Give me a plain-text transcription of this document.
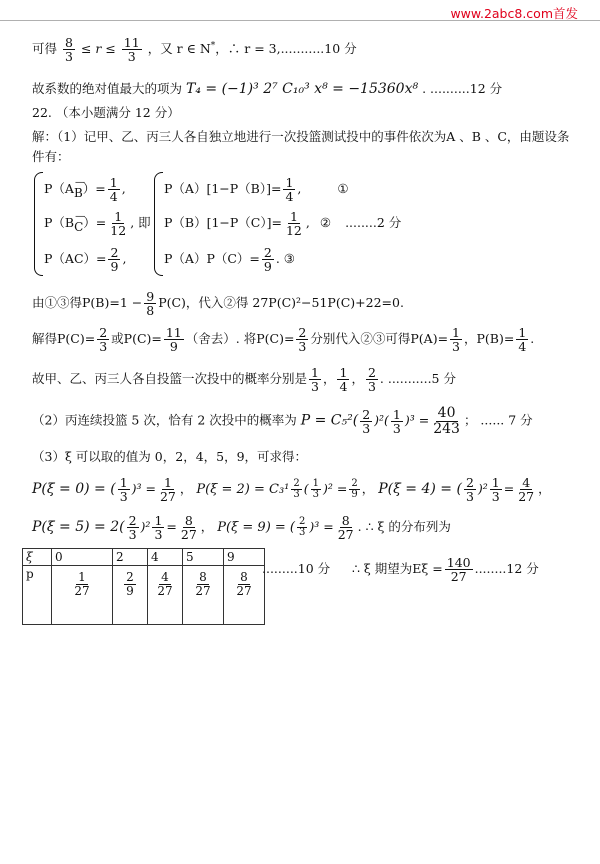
www.2abc8.com首发
可得 $\frac{8}{3} \le r \le \frac{11}{3}$ ，又 r ∈ N*，∴ r = 3,...........10 分
故系数的绝对值最大的项为 T₄ = (−1)³ 2⁷ C₁₀³ x⁸ = −15360x⁸ . ..........12 分
22. （本小题满分 12 分）
解：（1）记甲、乙、丙三人各自独立地进行一次投篮测试投中的事件依次为A 、B 、C，由题设条
件有：
P（A— $B)= \frac{1}{4}$ ,
P（B— $C)= \frac{1}{12}$ , 即
$P(AC)= \frac{2}{9}$ ,
$P(A)[1-P(B)]= \frac{1}{4}$ ,	①
$P(B)[1-P(C)]= \frac{1}{12}$ , ② ........2 分
$P(A)P(C)= \frac{2}{9}$ . ③
由①③得$P(B)=1 - \frac{9}{8} P(C)$，代入②得 27P(C)²−51P(C)+22=0.
解得$P(C)= \frac{2}{3}$ 或$P(C)= \frac{11}{9}$ （舍去）. 将$P(C)= \frac{2}{3}$ 分别代入②③可得$P(A)= \frac{1}{3}$ ，$P(B)= \frac{1}{4}$ .
故甲、乙、丙三人各自投篮一次投中的概率分别是 $\frac{1}{3}$ ， $\frac{1}{4}$ ， $\frac{2}{3}$ . ...........5 分
（2）丙连续投篮 5 次，恰有 2 次投中的概率为 $P = C_5^2( \frac{2}{3} )^2( \frac{1}{3} )^3 = \frac{40}{243}$ ； ...... 7 分
（3）ξ 可以取的值为 0，2，4，5，9，可求得：
P(ξ = 0) = ( $\frac{1}{3} )^3 = \frac{1}{27}$ ， $P(\xi = 2) = C_3^1 \frac{2}{3}$ ( $\frac{1}{3} )^2 = \frac{2}{9}$ ， P(ξ = 4) = ( $\frac{2}{3} )^2 \frac{1}{3} = \frac{4}{27}$ ，
$P(\xi = 5) = 2( \frac{2}{3} )^2 \frac{1}{3} = \frac{8}{27}$ ， P(ξ = 9) = ( $\frac{2}{3} )^3 = \frac{8}{27}$ . ∴ ξ 的分布列为
ξ	0	2	4	5	9
p	$\frac{1}{27}$	$\frac{2}{9}$	$\frac{4}{27}$	$\frac{8}{27}$	$\frac{8}{27}$
.........10 分 ∴ ξ 期望为$E\xi = \frac{140}{27} ........12$ 分
